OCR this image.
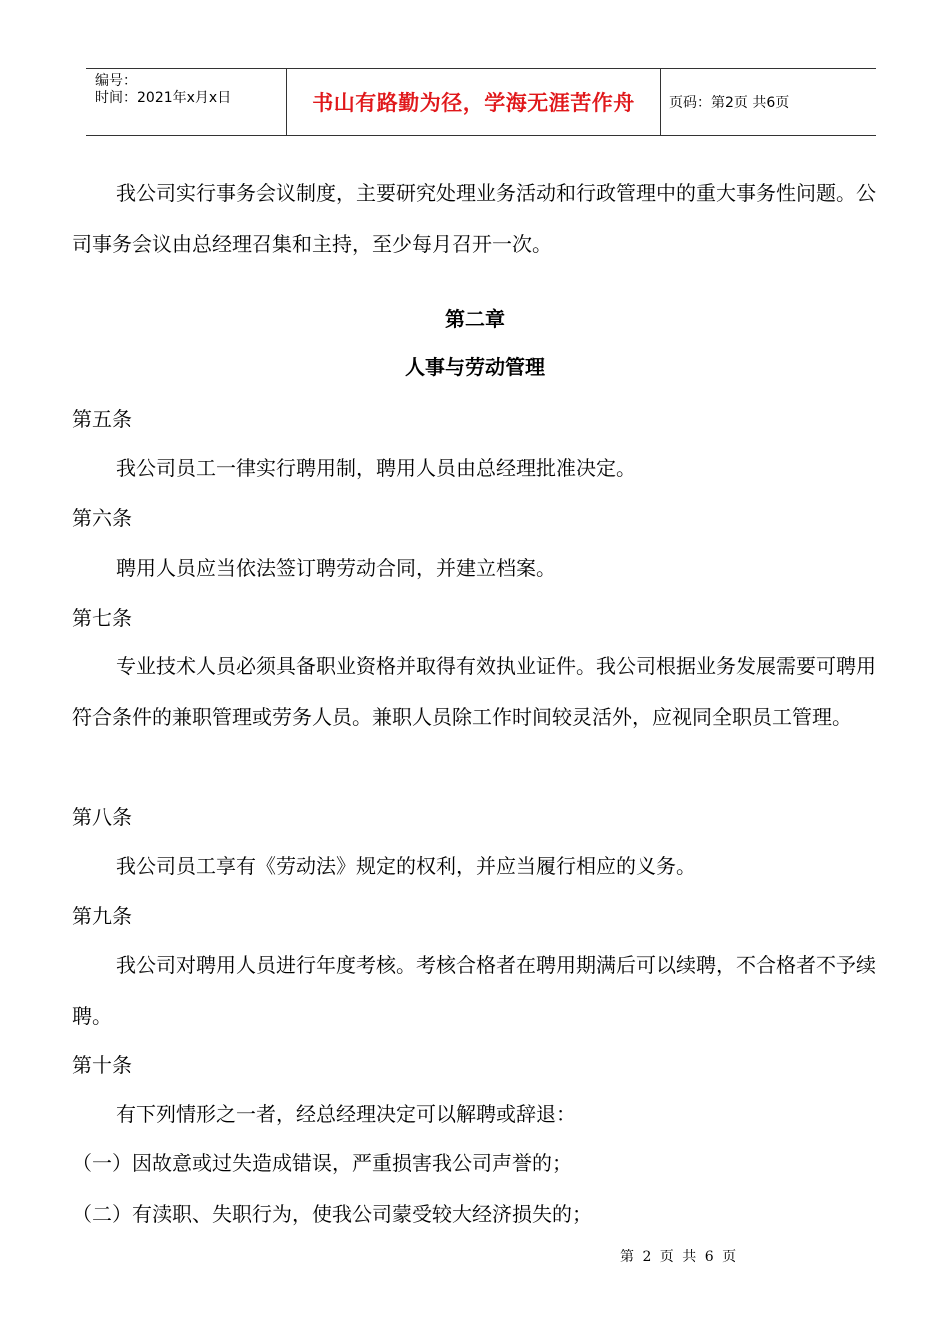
编号：
时间：2021年x月x日	书山有路勤为径，学海无涯苦作舟 页码：第2页 共6页
我公司实行事务会议制度，主要研究处理业务活动和行政管理中的重大事务性问题。公司事务会议由总经理召集和主持，至少每月召开一次。
第二章
人事与劳动管理
第五条
我公司员工一律实行聘用制，聘用人员由总经理批准决定。
第六条
聘用人员应当依法签订聘劳动合同，并建立档案。
第七条
专业技术人员必须具备职业资格并取得有效执业证件。我公司根据业务发展需要可聘用符合条件的兼职管理或劳务人员。兼职人员除工作时间较灵活外，应视同全职员工管理。
第八条
我公司员工享有《劳动法》规定的权利，并应当履行相应的义务。
第九条
我公司对聘用人员进行年度考核。考核合格者在聘用期满后可以续聘，不合格者不予续聘。
第十条
有下列情形之一者，经总经理决定可以解聘或辞退：
（一）因故意或过失造成错误，严重损害我公司声誉的；
（二）有渎职、失职行为，使我公司蒙受较大经济损失的；
第 2 页 共 6 页
